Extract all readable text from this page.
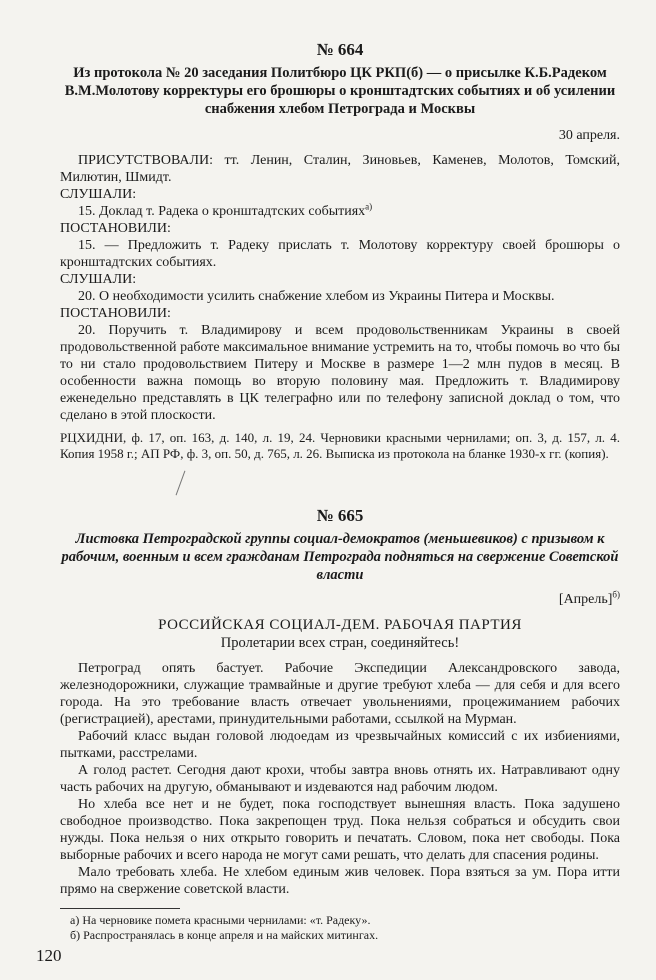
№ 664
Из протокола № 20 заседания Политбюро ЦК РКП(б) — о присылке К.Б.Радеком В.М.Молотову корректуры его брошюры о кронштадтских событиях и об усилении снабжения хлебом Петрограда и Москвы
30 апреля.

ПРИСУТСТВОВАЛИ: тт. Ленин, Сталин, Зиновьев, Каменев, Молотов, Томский, Милютин, Шмидт.

СЛУШАЛИ:

15. Доклад т. Радека о кронштадтских событиях$^{а)}$

ПОСТАНОВИЛИ:

15. — Предложить т. Радеку прислать т. Молотову корректуру своей брошюры о кронштадтских событиях.

СЛУШАЛИ:

20. О необходимости усилить снабжение хлебом из Украины Питера и Москвы.

ПОСТАНОВИЛИ:

20. Поручить т. Владимирову и всем продовольственникам Украины в своей продовольственной работе максимальное внимание устремить на то, чтобы помочь во что бы то ни стало продовольствием Питеру и Москве в размере 1—2 млн пудов в месяц. В особенности важна помощь во вторую половину мая. Предложить т. Владимирову еженедельно представлять в ЦК телеграфно или по телефону записной доклад о том, что сделано в этой плоскости.

РЦХИДНИ, ф. 17, оп. 163, д. 140, л. 19, 24. Черновики красными чернилами; оп. 3, д. 157, л. 4. Копия 1958 г.; АП РФ, ф. 3, оп. 50, д. 765, л. 26. Выписка из протокола на бланке 1930-х гг. (копия).

№ 665
Листовка Петроградской группы социал-демократов (меньшевиков) с призывом к рабочим, военным и всем гражданам Петрограда подняться на свержение Советской власти
[Апрель]$^{б)}$
РОССИЙСКАЯ СОЦИАЛ-ДЕМ. РАБОЧАЯ ПАРТИЯ
Пролетарии всех стран, соединяйтесь!

Петроград опять бастует. Рабочие Экспедиции Александровского завода, железнодорожники, служащие трамвайные и другие требуют хлеба — для себя и для всего города. На это требование власть отвечает увольнениями, процежиманием рабочих (регистрацией), арестами, принудительными работами, ссылкой на Мурман.

Рабочий класс выдан головой людоедам из чрезвычайных комиссий с их избиениями, пытками, расстрелами.

А голод растет. Сегодня дают крохи, чтобы завтра вновь отнять их. Натравливают одну часть рабочих на другую, обманывают и издеваются над рабочим людом.

Но хлеба все нет и не будет, пока господствует вынешняя власть. Пока задушено свободное производство. Пока закрепощен труд. Пока нельзя собраться и обсудить свои нужды. Пока нельзя о них открыто говорить и печатать. Словом, пока нет свободы. Пока выборные рабочих и всего народа не могут сами решать, что делать для спасения родины.

Мало требовать хлеба. Не хлебом единым жив человек. Пора взяться за ум. Пора итти прямо на свержение советской власти.

а) На черновике помета красными чернилами: «т. Радеку».

б) Распространялась в конце апреля и на майских митингах.

120
